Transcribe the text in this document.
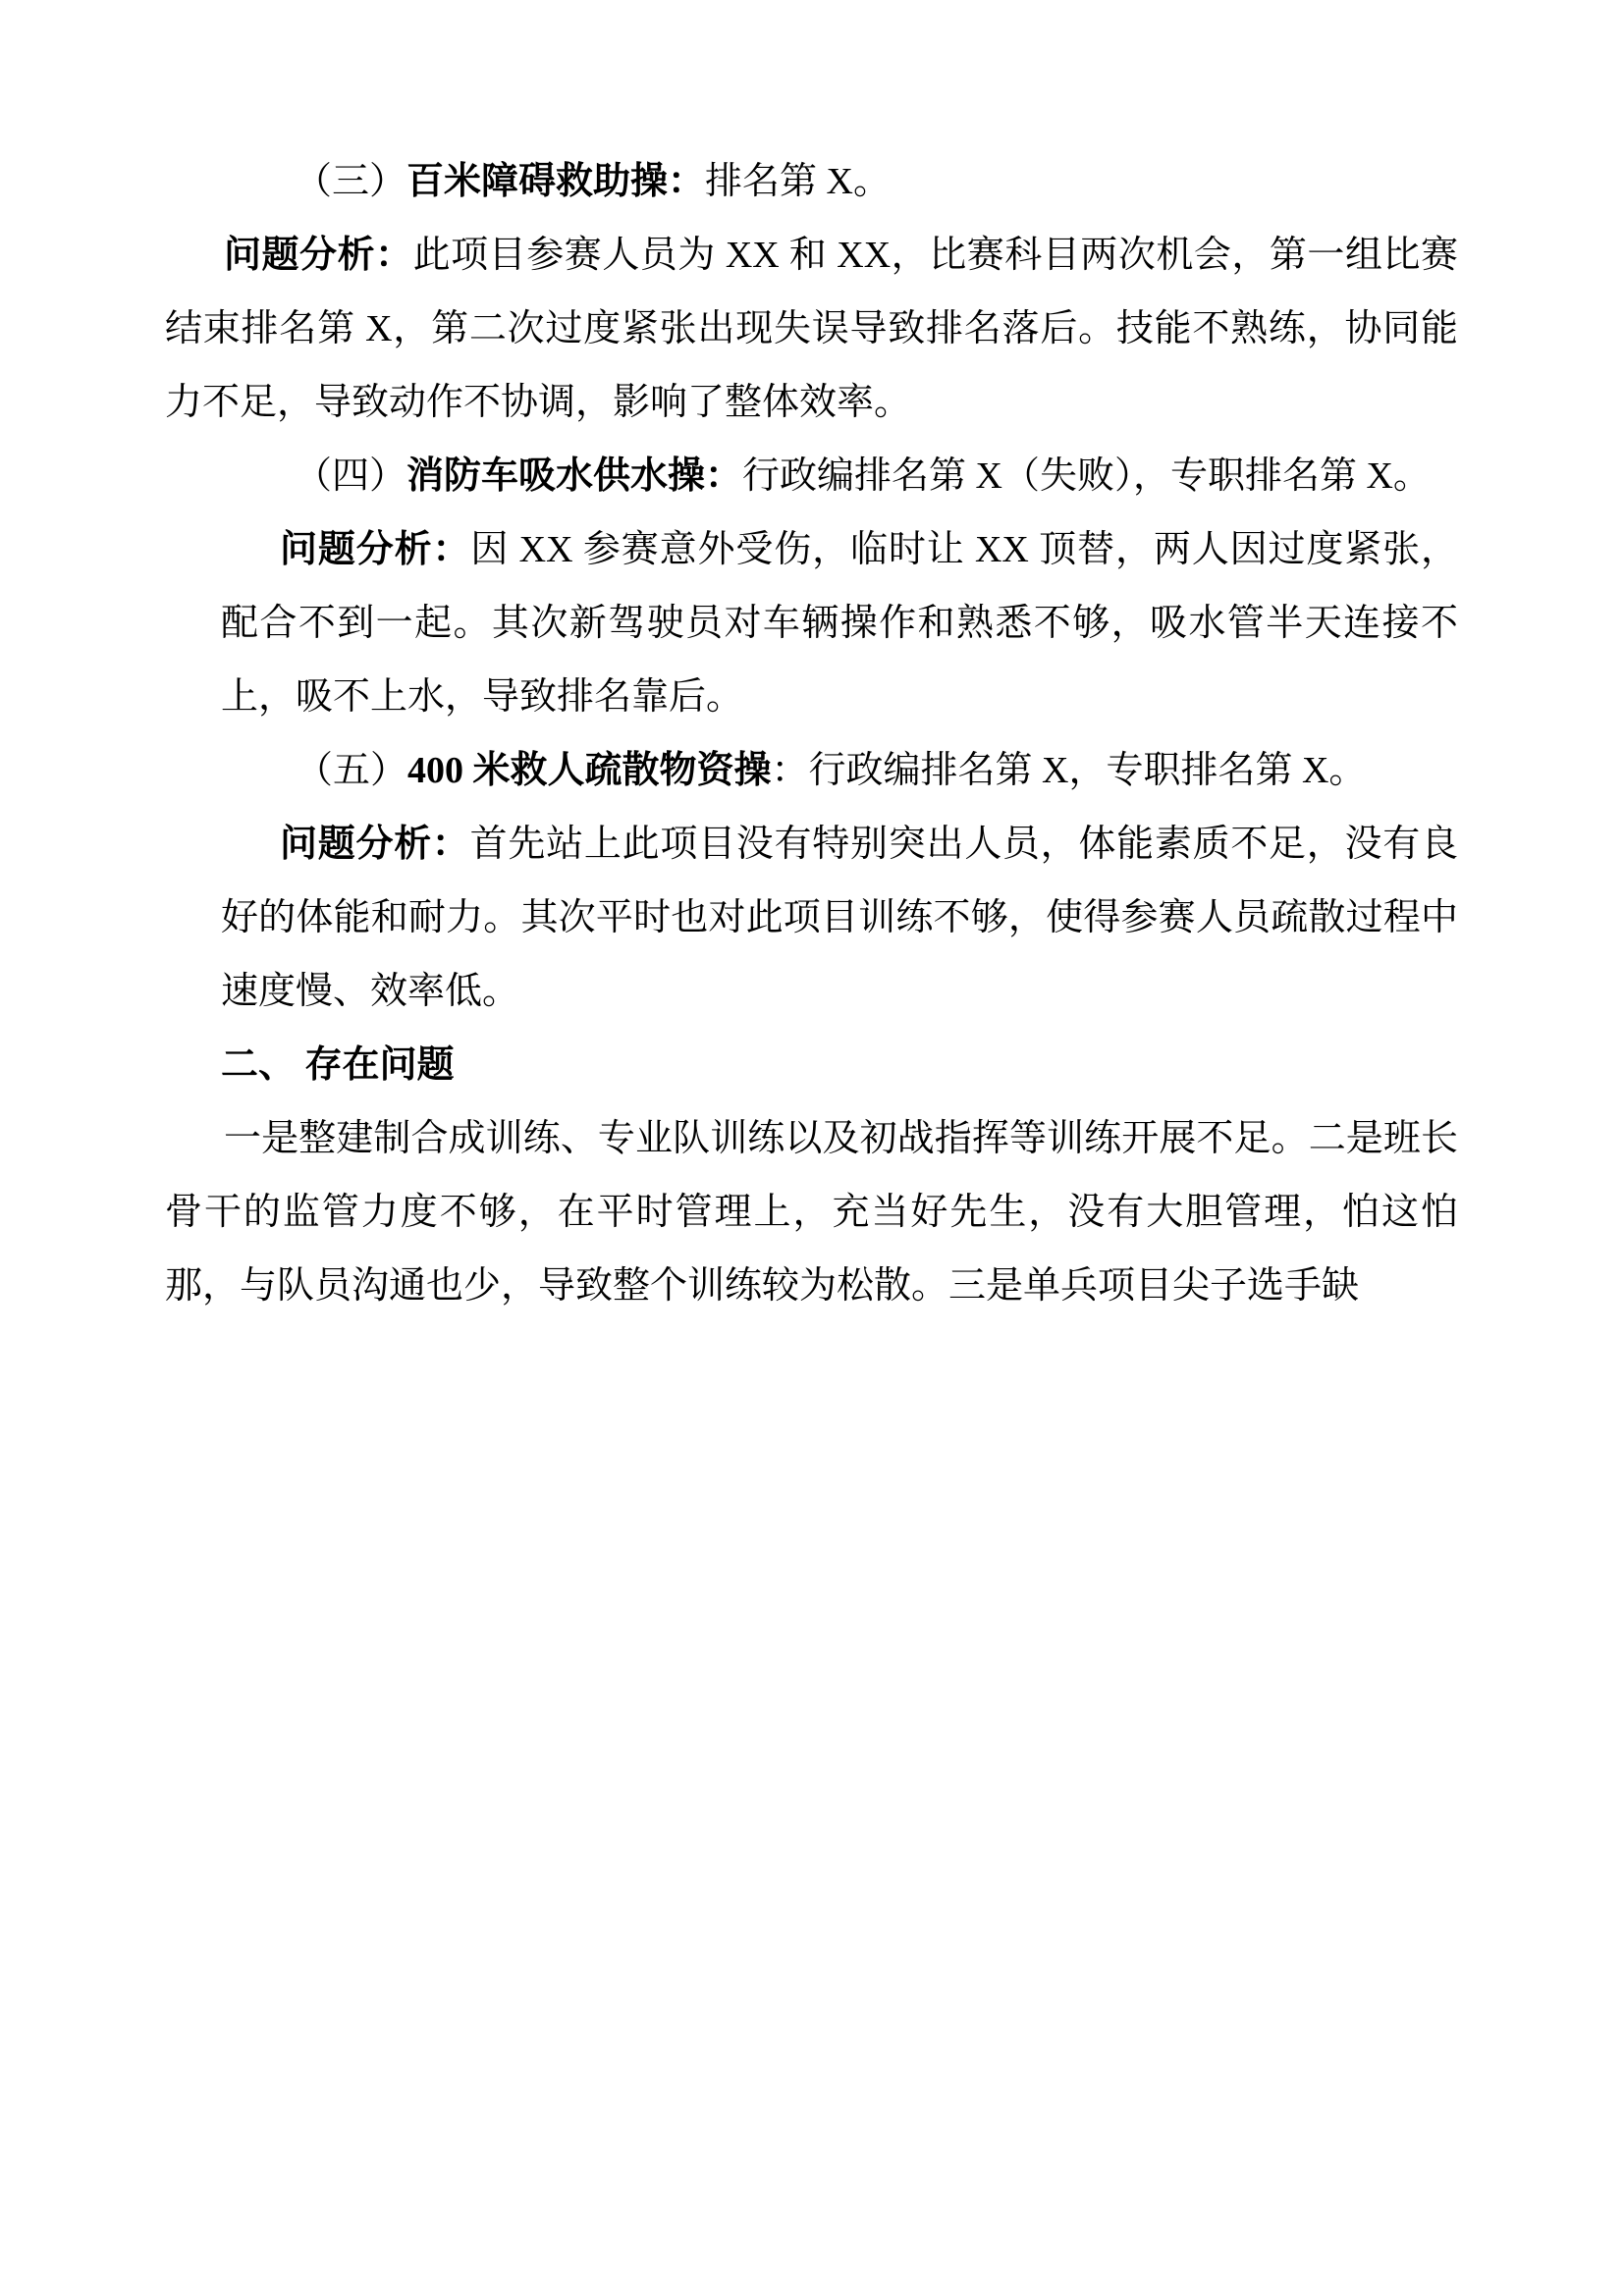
（三）百米障碍救助操：排名第 X。

问题分析：此项目参赛人员为 XX 和 XX，比赛科目两次机会，第一组比赛结束排名第 X，第二次过度紧张出现失误导致排名落后。技能不熟练，协同能力不足，导致动作不协调，影响了整体效率。

（四）消防车吸水供水操：行政编排名第 X（失败），专职排名第 X。

问题分析：因 XX 参赛意外受伤，临时让 XX 顶替，两人因过度紧张，配合不到一起。其次新驾驶员对车辆操作和熟悉不够，吸水管半天连接不上，吸不上水，导致排名靠后。

（五）400 米救人疏散物资操：行政编排名第 X，专职排名第 X。

问题分析：首先站上此项目没有特别突出人员，体能素质不足，没有良好的体能和耐力。其次平时也对此项目训练不够，使得参赛人员疏散过程中速度慢、效率低。

二、 存在问题

一是整建制合成训练、专业队训练以及初战指挥等训练开展不足。二是班长骨干的监管力度不够，在平时管理上，充当好先生，没有大胆管理，怕这怕那，与队员沟通也少，导致整个训练较为松散。三是单兵项目尖子选手缺
